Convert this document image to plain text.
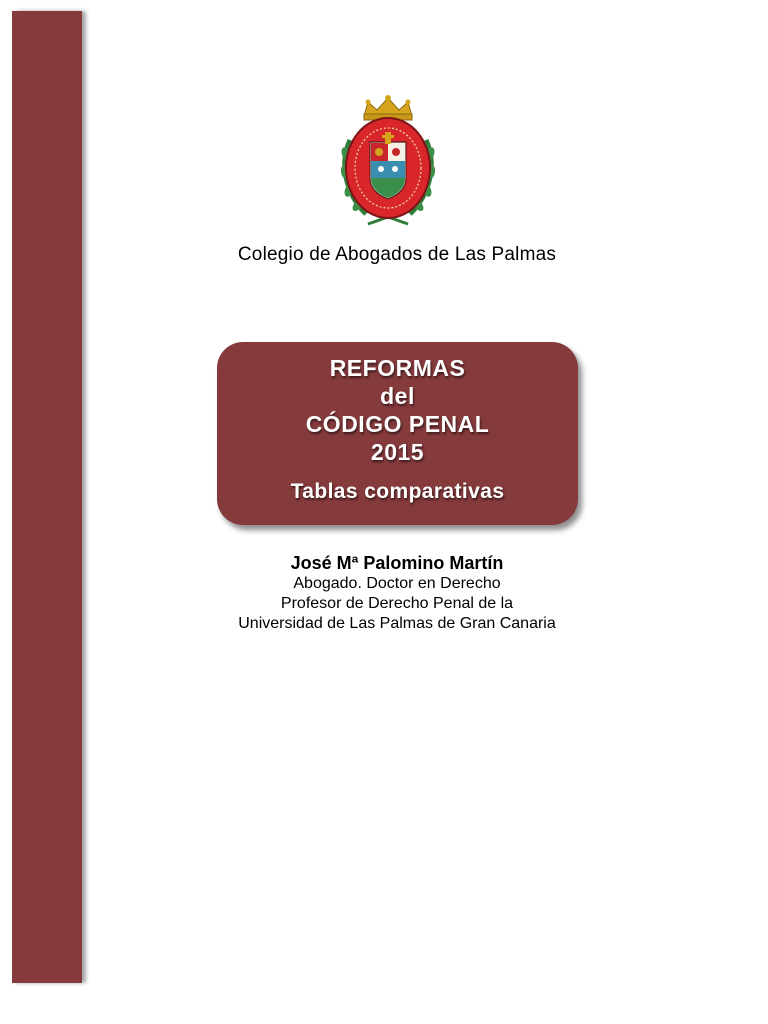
Colegio de Abogados de Las Palmas
REFORMAS
del
CÓDIGO PENAL
2015
Tablas comparativas
José Mª Palomino Martín
Abogado. Doctor en Derecho
Profesor de Derecho Penal de la
Universidad de Las Palmas de Gran Canaria
